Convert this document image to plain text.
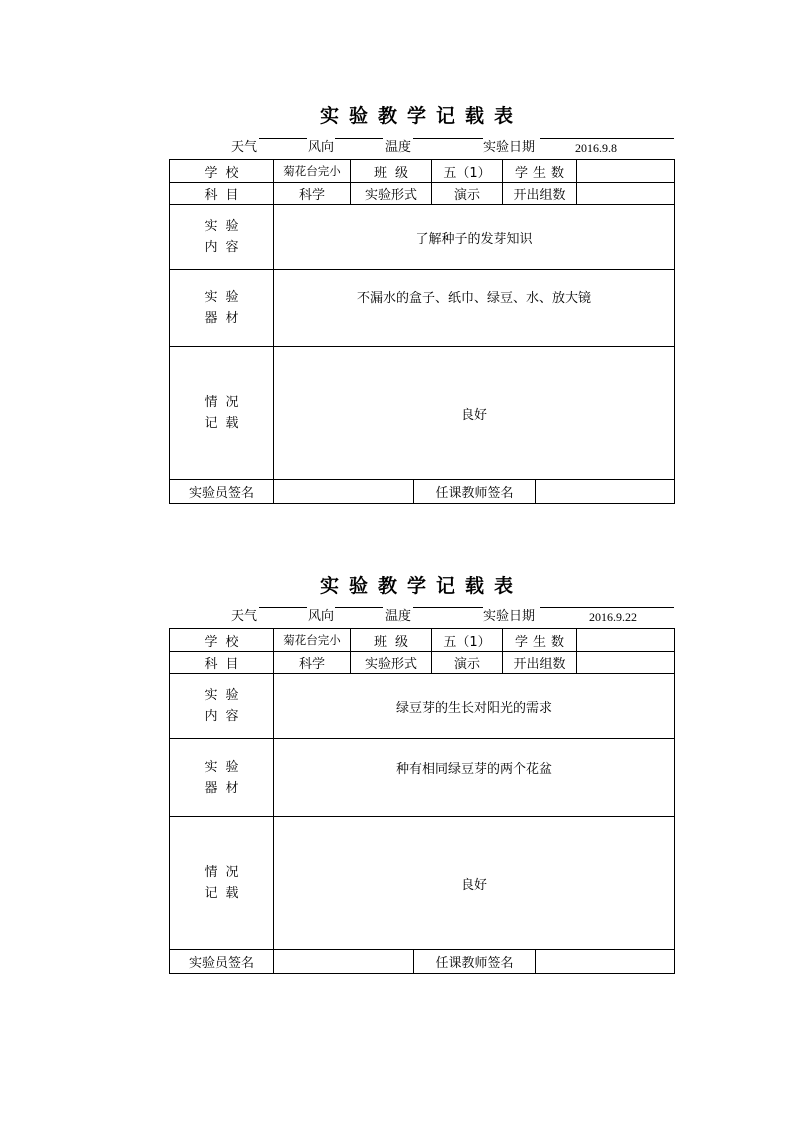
实验教学记载表
天气	风向	温度	实验日期	2016.9.8
学校	菊花台完小	班级	五（1）	学生数	
科目	科学	实验形式	演示	开出组数	
实验
内容	了解种子的发芽知识				
实验
器材	不漏水的盒子、纸巾、绿豆、水、放大镜				

情况
记载	良好				
实验员签名		任课教师签名	
实验教学记载表
天气	风向	温度	实验日期	2016.9.22
学校	菊花台完小	班级	五（1）	学生数	
科目	科学	实验形式	演示	开出组数	
实验
内容	绿豆芽的生长对阳光的需求				
实验
器材	种有相同绿豆芽的两个花盆				

情况
记载	良好				
实验员签名		任课教师签名	
